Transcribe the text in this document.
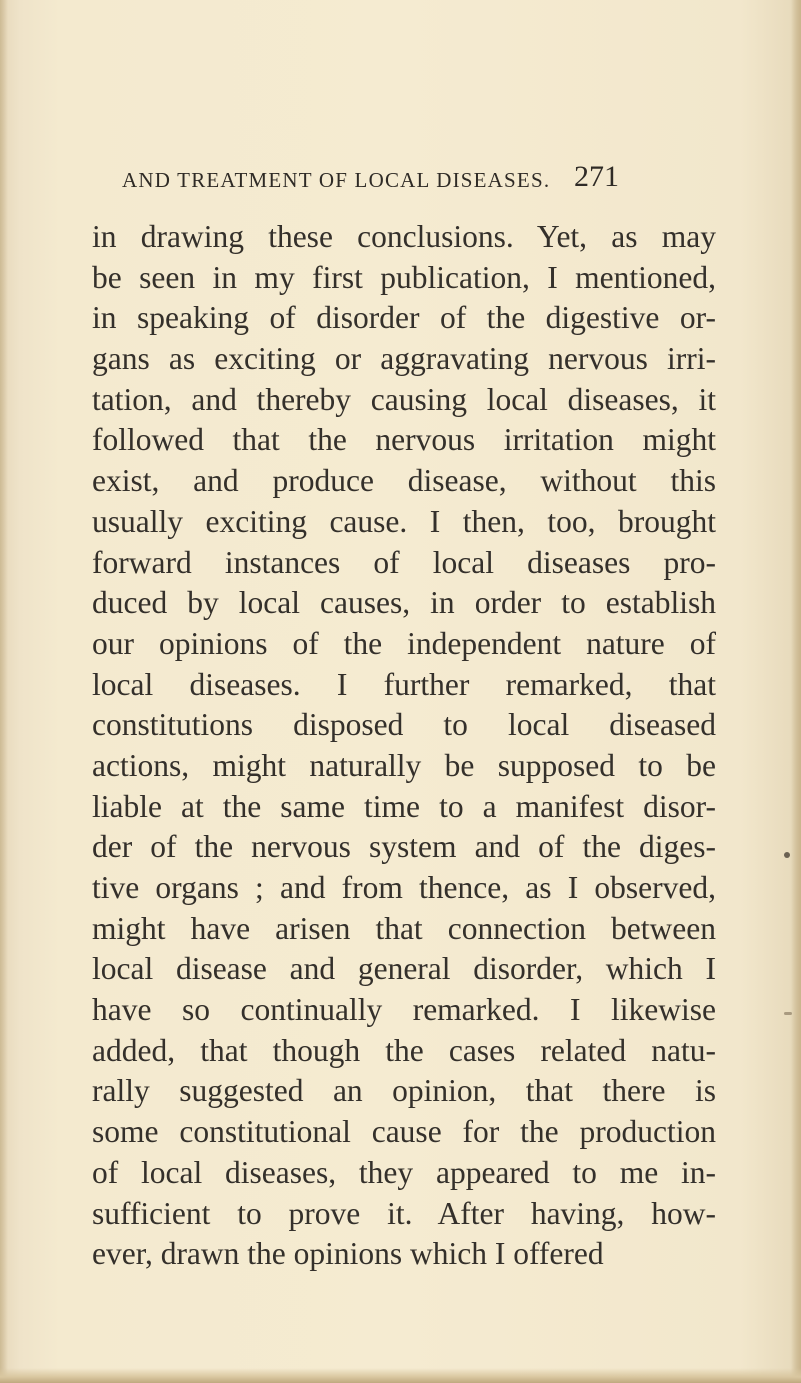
AND TREATMENT OF LOCAL DISEASES. 271
in drawing these conclusions. Yet, as may
be seen in my first publication, I mentioned,
in speaking of disorder of the digestive or-
gans as exciting or aggravating nervous irri-
tation, and thereby causing local diseases, it
followed that the nervous irritation might
exist, and produce disease, without this
usually exciting cause. I then, too, brought
forward instances of local diseases pro-
duced by local causes, in order to establish
our opinions of the independent nature of
local diseases. I further remarked, that
constitutions disposed to local diseased
actions, might naturally be supposed to be
liable at the same time to a manifest disor-
der of the nervous system and of the diges-
tive organs ; and from thence, as I observed,
might have arisen that connection between
local disease and general disorder, which I
have so continually remarked. I likewise
added, that though the cases related natu-
rally suggested an opinion, that there is
some constitutional cause for the production
of local diseases, they appeared to me in-
sufficient to prove it. After having, how-
ever, drawn the opinions which I offered
